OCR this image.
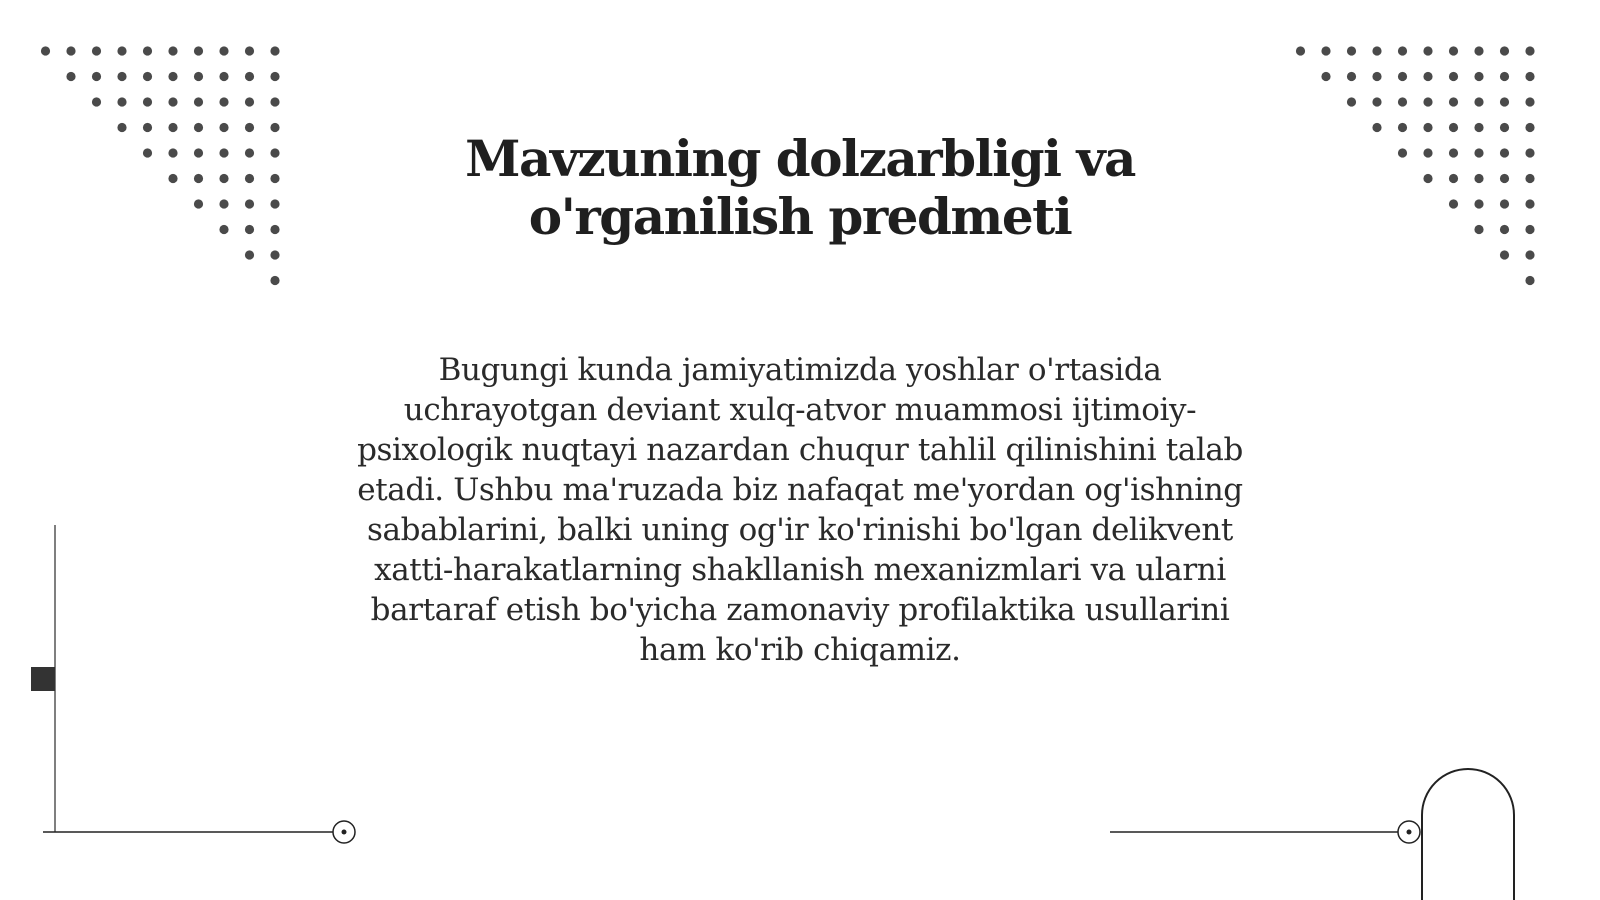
Mavzuning dolzarbligi va o'rganilish predmeti

Bugungi kunda jamiyatimizda yoshlar o'rtasida uchrayotgan deviant xulq-atvor muammosi ijtimoiy-psixologik nuqtayi nazardan chuqur tahlil qilinishini talab etadi. Ushbu ma'ruzada biz nafaqat me'yordan og'ishning sabablarini, balki uning og'ir ko'rinishi bo'lgan delikvent xatti-harakatlarning shakllanish mexanizmlari va ularni bartaraf etish bo'yicha zamonaviy profilaktika usullarini ham ko'rib chiqamiz.
